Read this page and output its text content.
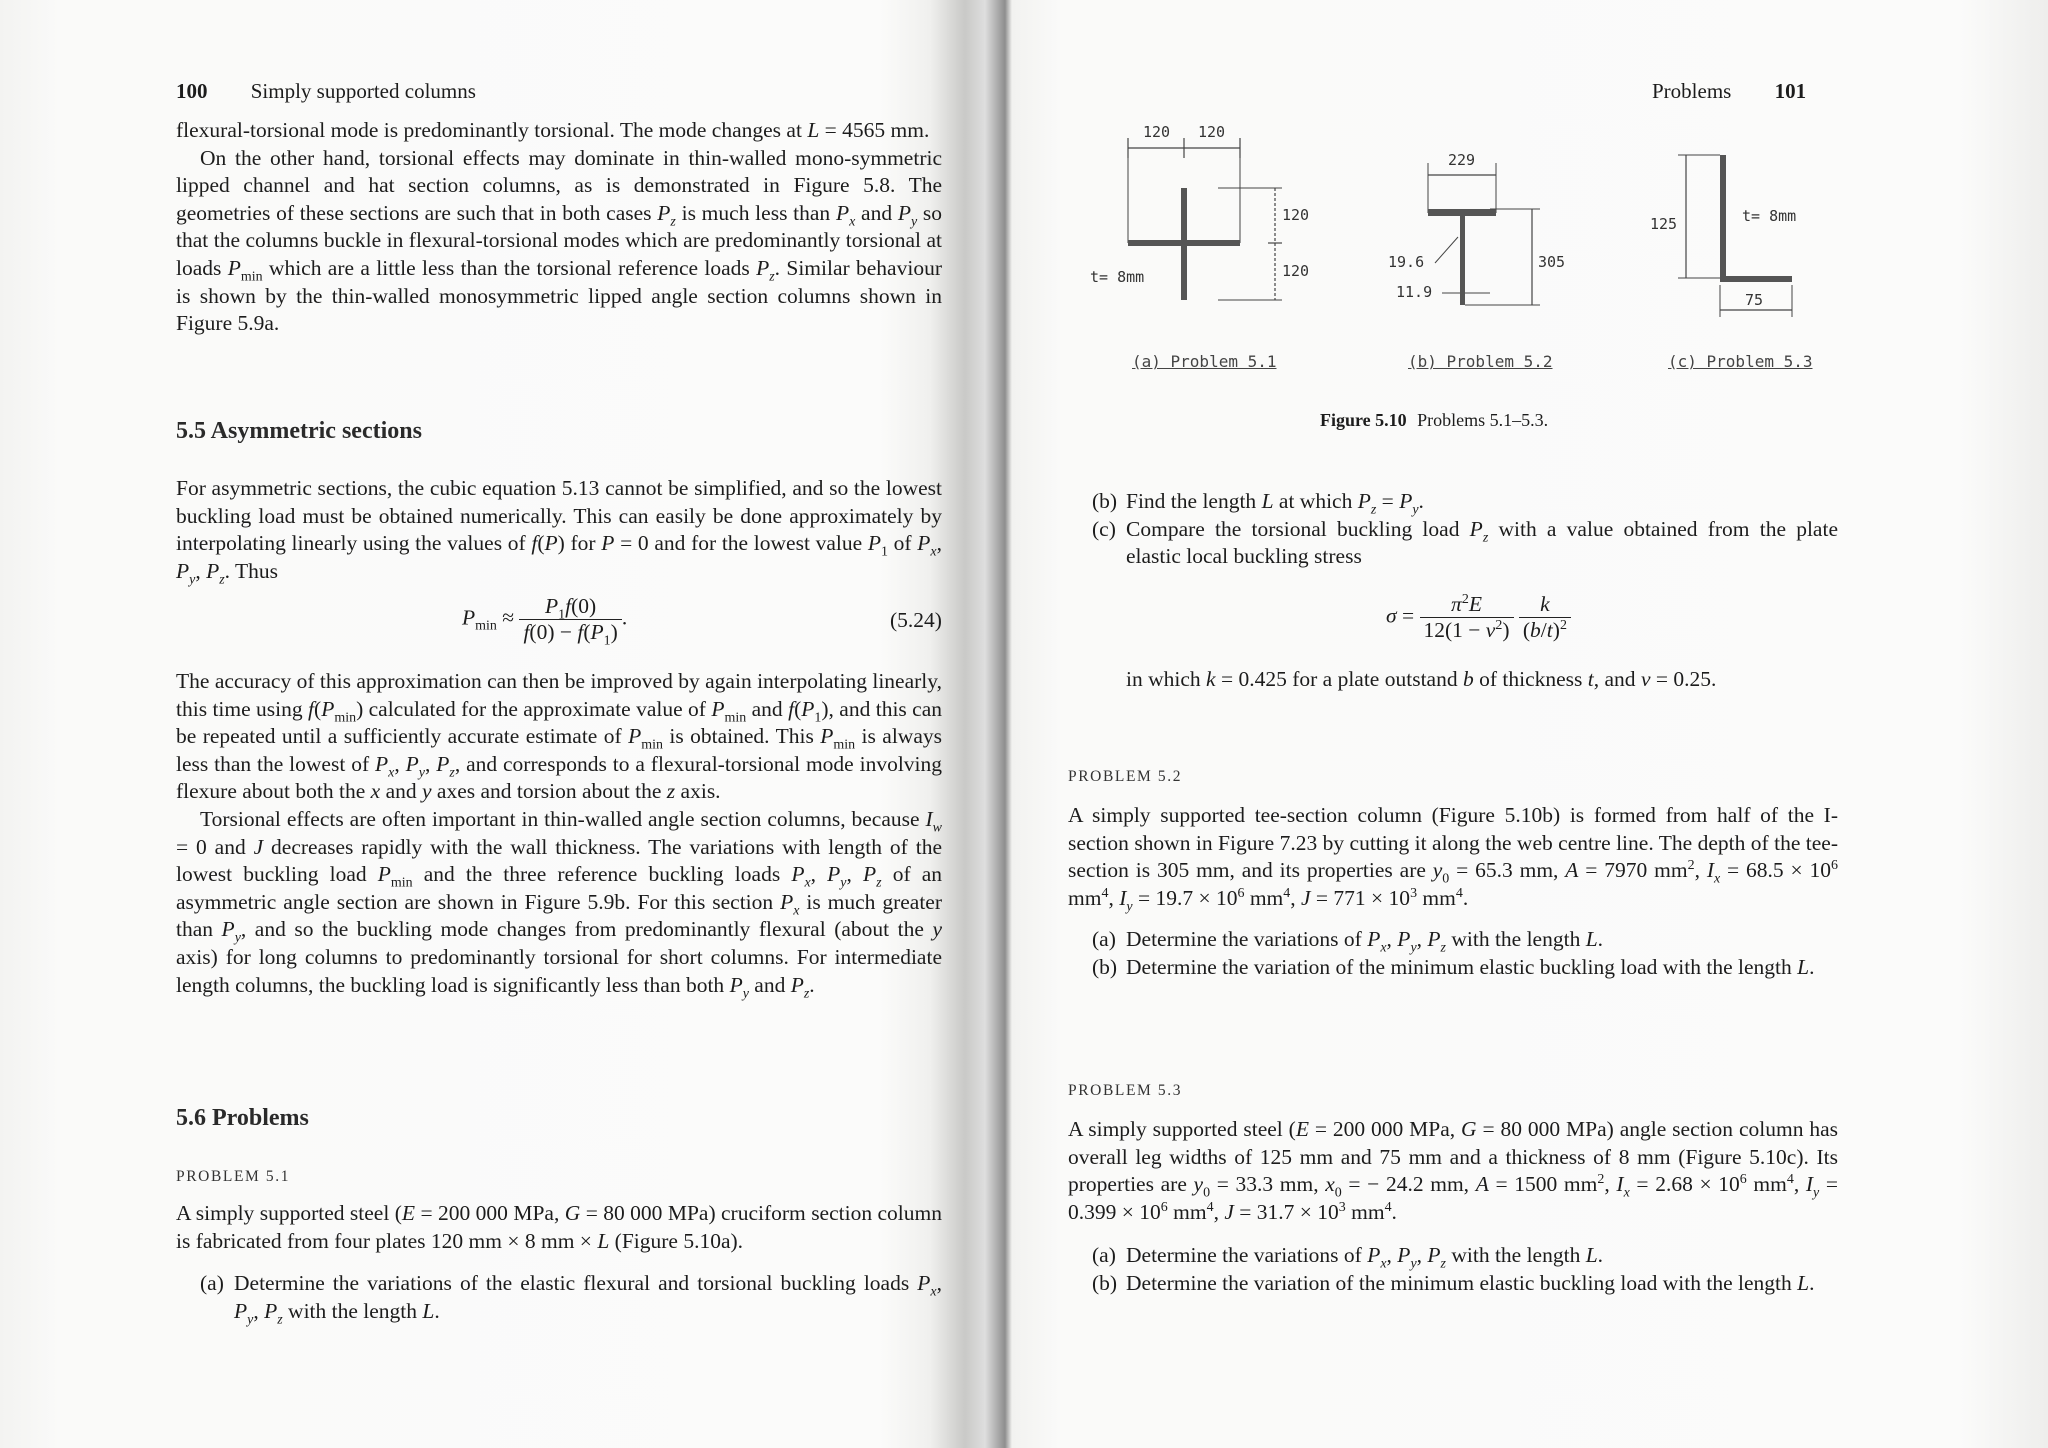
100 Simply supported columns

flexural-torsional mode is predominantly torsional. The mode changes at L = 4565 mm.

On the other hand, torsional effects may dominate in thin-walled mono-symmetric lipped channel and hat section columns, as is demonstrated in Figure 5.8. The geometries of these sections are such that in both cases $P_z$ is much less than $P_x$ and $P_y$ so that the columns buckle in flexural-torsional modes which are predominantly torsional at loads $P_{min}$ which are a little less than the torsional reference loads $P_z$. Similar behaviour is shown by the thin-walled monosymmetric lipped angle section columns shown in Figure 5.9a.

5.5 Asymmetric sections

For asymmetric sections, the cubic equation 5.13 cannot be simplified, and so the lowest buckling load must be obtained numerically. This can easily be done approximately by interpolating linearly using the values of f(P) for P = 0 and for the lowest value $P_1$ of $P_x$, $P_y$, $P_z$. Thus

$P_{min} \approx \frac{P_1f(0)}{f(0) - f(P_1)}$ .	(5.24)

The accuracy of this approximation can then be improved by again interpolating linearly, this time using $f(P_{min})$ calculated for the approximate value of $P_{min}$ and $f(P_1)$, and this can be repeated until a sufficiently accurate estimate of $P_{min}$ is obtained. This $P_{min}$ is always less than the lowest of $P_x$, $P_y$, $P_z$, and corresponds to a flexural-torsional mode involving flexure about both the x and y axes and torsion about the z axis.

Torsional effects are often important in thin-walled angle section columns, because $I_w = 0$ and J decreases rapidly with the wall thickness. The variations with length of the lowest buckling load $P_{min}$ and the three reference buckling loads $P_x$, $P_y$, $P_z$ of an asymmetric angle section are shown in Figure 5.9b. For this section $P_x$ is much greater than $P_y$, and so the buckling mode changes from predominantly flexural (about the y axis) for long columns to predominantly torsional for short columns. For intermediate length columns, the buckling load is significantly less than both $P_y$ and $P_z$.

5.6 Problems
PROBLEM 5.1

A simply supported steel (E = 200 000 MPa, G = 80 000 MPa) cruciform section column is fabricated from four plates 120 mm × 8 mm × L (Figure 5.10a).

(a) Determine the variations of the elastic flexural and torsional buckling loads $P_x$, $P_y$, $P_z$ with the length L.
Problems 101
120 120
120
120
t= 8mm
229
19.6
11.9
305
125	t= 8mm
75
(a) Problem 5.1	(b) Problem 5.2	(c) Problem 5.3
Figure 5.10 Problems 5.1–5.3.
(b) Find the length L at which $P_z = P_y$.
(c) Compare the torsional buckling load $P_z$ with a value obtained from the plate elastic local buckling stress
$\sigma = \frac{\pi^2E}{12(1 - \nu^2)}$
$\frac{k}{(b/t)^2}$

in which k = 0.425 for a plate outstand b of thickness t, and ν = 0.25.

PROBLEM 5.2

A simply supported tee-section column (Figure 5.10b) is formed from half of the I-section shown in Figure 7.23 by cutting it along the web centre line. The depth of the tee-section is 305 mm, and its properties are $y_0 = 65.3$ mm, A = 7970 $mm^2$, $I_x = 68.5 \times 10^6$ $mm^4$, $I_y = 19.7 \times 10^6$ $mm^4$, $J = 771 \times 10^3$ $mm^4$.

(a) Determine the variations of $P_x$, $P_y$, $P_z$ with the length L.
(b) Determine the variation of the minimum elastic buckling load with the length L.
PROBLEM 5.3

A simply supported steel (E = 200 000 MPa, G = 80 000 MPa) angle section column has overall leg widths of 125 mm and 75 mm and a thickness of 8 mm (Figure 5.10c). Its properties are $y_0 = 33.3$ mm, $x_0$ = − 24.2 mm, A = 1500 $mm^2$, $I_x = 2.68 \times 10^6$ $mm^4$, $I_y = 0.399 \times 10^6$ $mm^4$, $J = 31.7 \times 10^3$ $mm^4$.

(a) Determine the variations of $P_x$, $P_y$, $P_z$ with the length L.
(b) Determine the variation of the minimum elastic buckling load with the length L.
